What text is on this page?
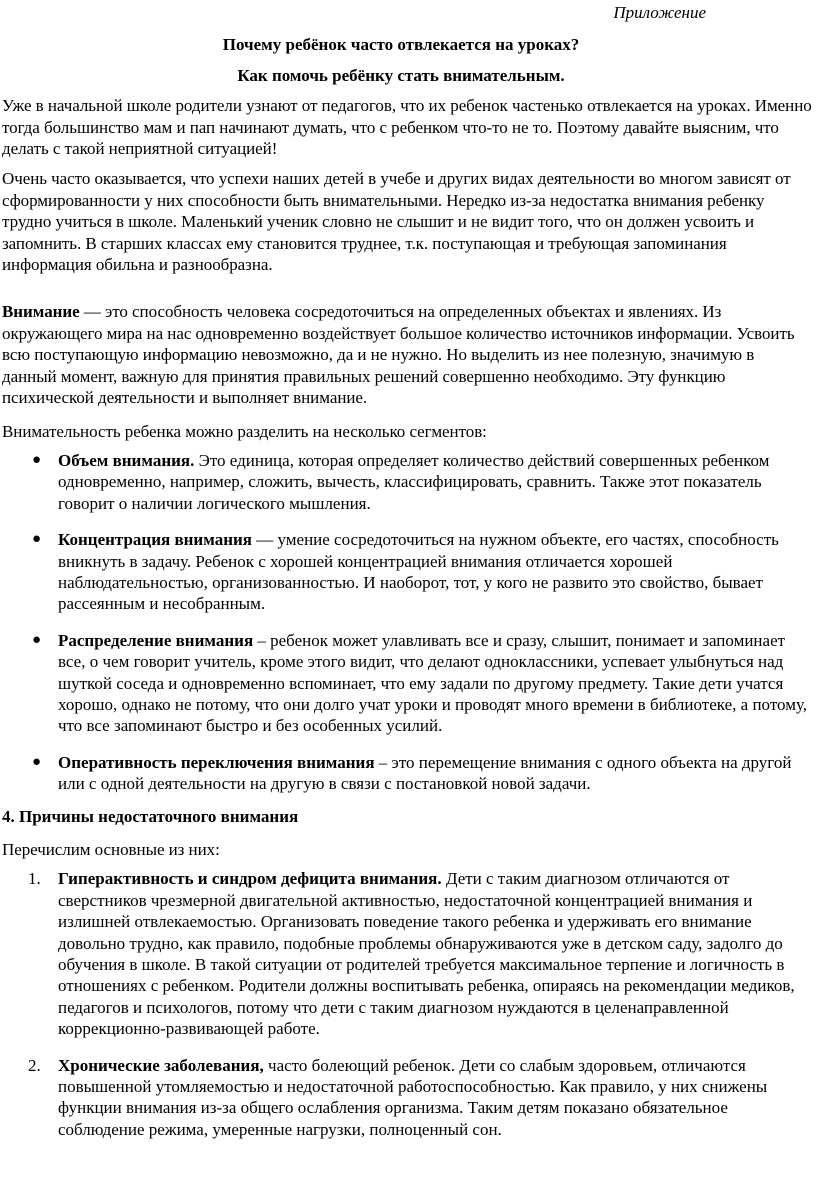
Приложение
Почему ребёнок часто отвлекается на уроках?
Как помочь ребёнку стать внимательным.

Уже в начальной школе родители узнают от педагогов, что их ребенок частенько отвлекается на уроках. Именно тогда большинство мам и пап начинают думать, что с ребенком что-то не то. Поэтому давайте выясним, что делать с такой неприятной ситуацией!

Очень часто оказывается, что успехи наших детей в учебе и других видах деятельности во многом зависят от сформированности у них способности быть внимательными. Нередко из-за недостатка внимания ребенку трудно учиться в школе. Маленький ученик словно не слышит и не видит того, что он должен усвоить и запомнить. В старших классах ему становится труднее, т.к. поступающая и требующая запоминания информация обильна и разнообразна.

Внимание — это способность человека сосредоточиться на определенных объектах и явлениях. Из окружающего мира на нас одновременно воздействует большое количество источников информации. Усвоить всю поступающую информацию невозможно, да и не нужно. Но выделить из нее полезную, значимую в данный момент, важную для принятия правильных решений совершенно необходимо. Эту функцию психической деятельности и выполняет внимание.

Внимательность ребенка можно разделить на несколько сегментов:

● Объем внимания. Это единица, которая определяет количество действий совершенных ребенком одновременно, например, сложить, вычесть, классифицировать, сравнить. Также этот показатель говорит о наличии логического мышления.
● Концентрация внимания — умение сосредоточиться на нужном объекте, его частях, способность вникнуть в задачу. Ребенок с хорошей концентрацией внимания отличается хорошей наблюдательностью, организованностью. И наоборот, тот, у кого не развито это свойство, бывает рассеянным и несобранным.
● Распределение внимания – ребенок может улавливать все и сразу, слышит, понимает и запоминает все, о чем говорит учитель, кроме этого видит, что делают одноклассники, успевает улыбнуться над шуткой соседа и одновременно вспоминает, что ему задали по другому предмету. Такие дети учатся хорошо, однако не потому, что они долго учат уроки и проводят много времени в библиотеке, а потому, что все запоминают быстро и без особенных усилий.
● Оперативность переключения внимания – это перемещение внимания с одного объекта на другой или с одной деятельности на другую в связи с постановкой новой задачи.

4. Причины недостаточного внимания

Перечислим основные из них:

1. Гиперактивность и синдром дефицита внимания. Дети с таким диагнозом отличаются от сверстников чрезмерной двигательной активностью, недостаточной концентрацией внимания и излишней отвлекаемостью. Организовать поведение такого ребенка и удерживать его внимание довольно трудно, как правило, подобные проблемы обнаруживаются уже в детском саду, задолго до обучения в школе. В такой ситуации от родителей требуется максимальное терпение и логичность в отношениях с ребенком. Родители должны воспитывать ребенка, опираясь на рекомендации медиков, педагогов и психологов, потому что дети с таким диагнозом нуждаются в целенаправленной коррекционно-развивающей работе.
2. Хронические заболевания, часто болеющий ребенок. Дети со слабым здоровьем, отличаются повышенной утомляемостью и недостаточной работоспособностью. Как правило, у них снижены функции внимания из-за общего ослабления организма. Таким детям показано обязательное соблюдение режима, умеренные нагрузки, полноценный сон.
